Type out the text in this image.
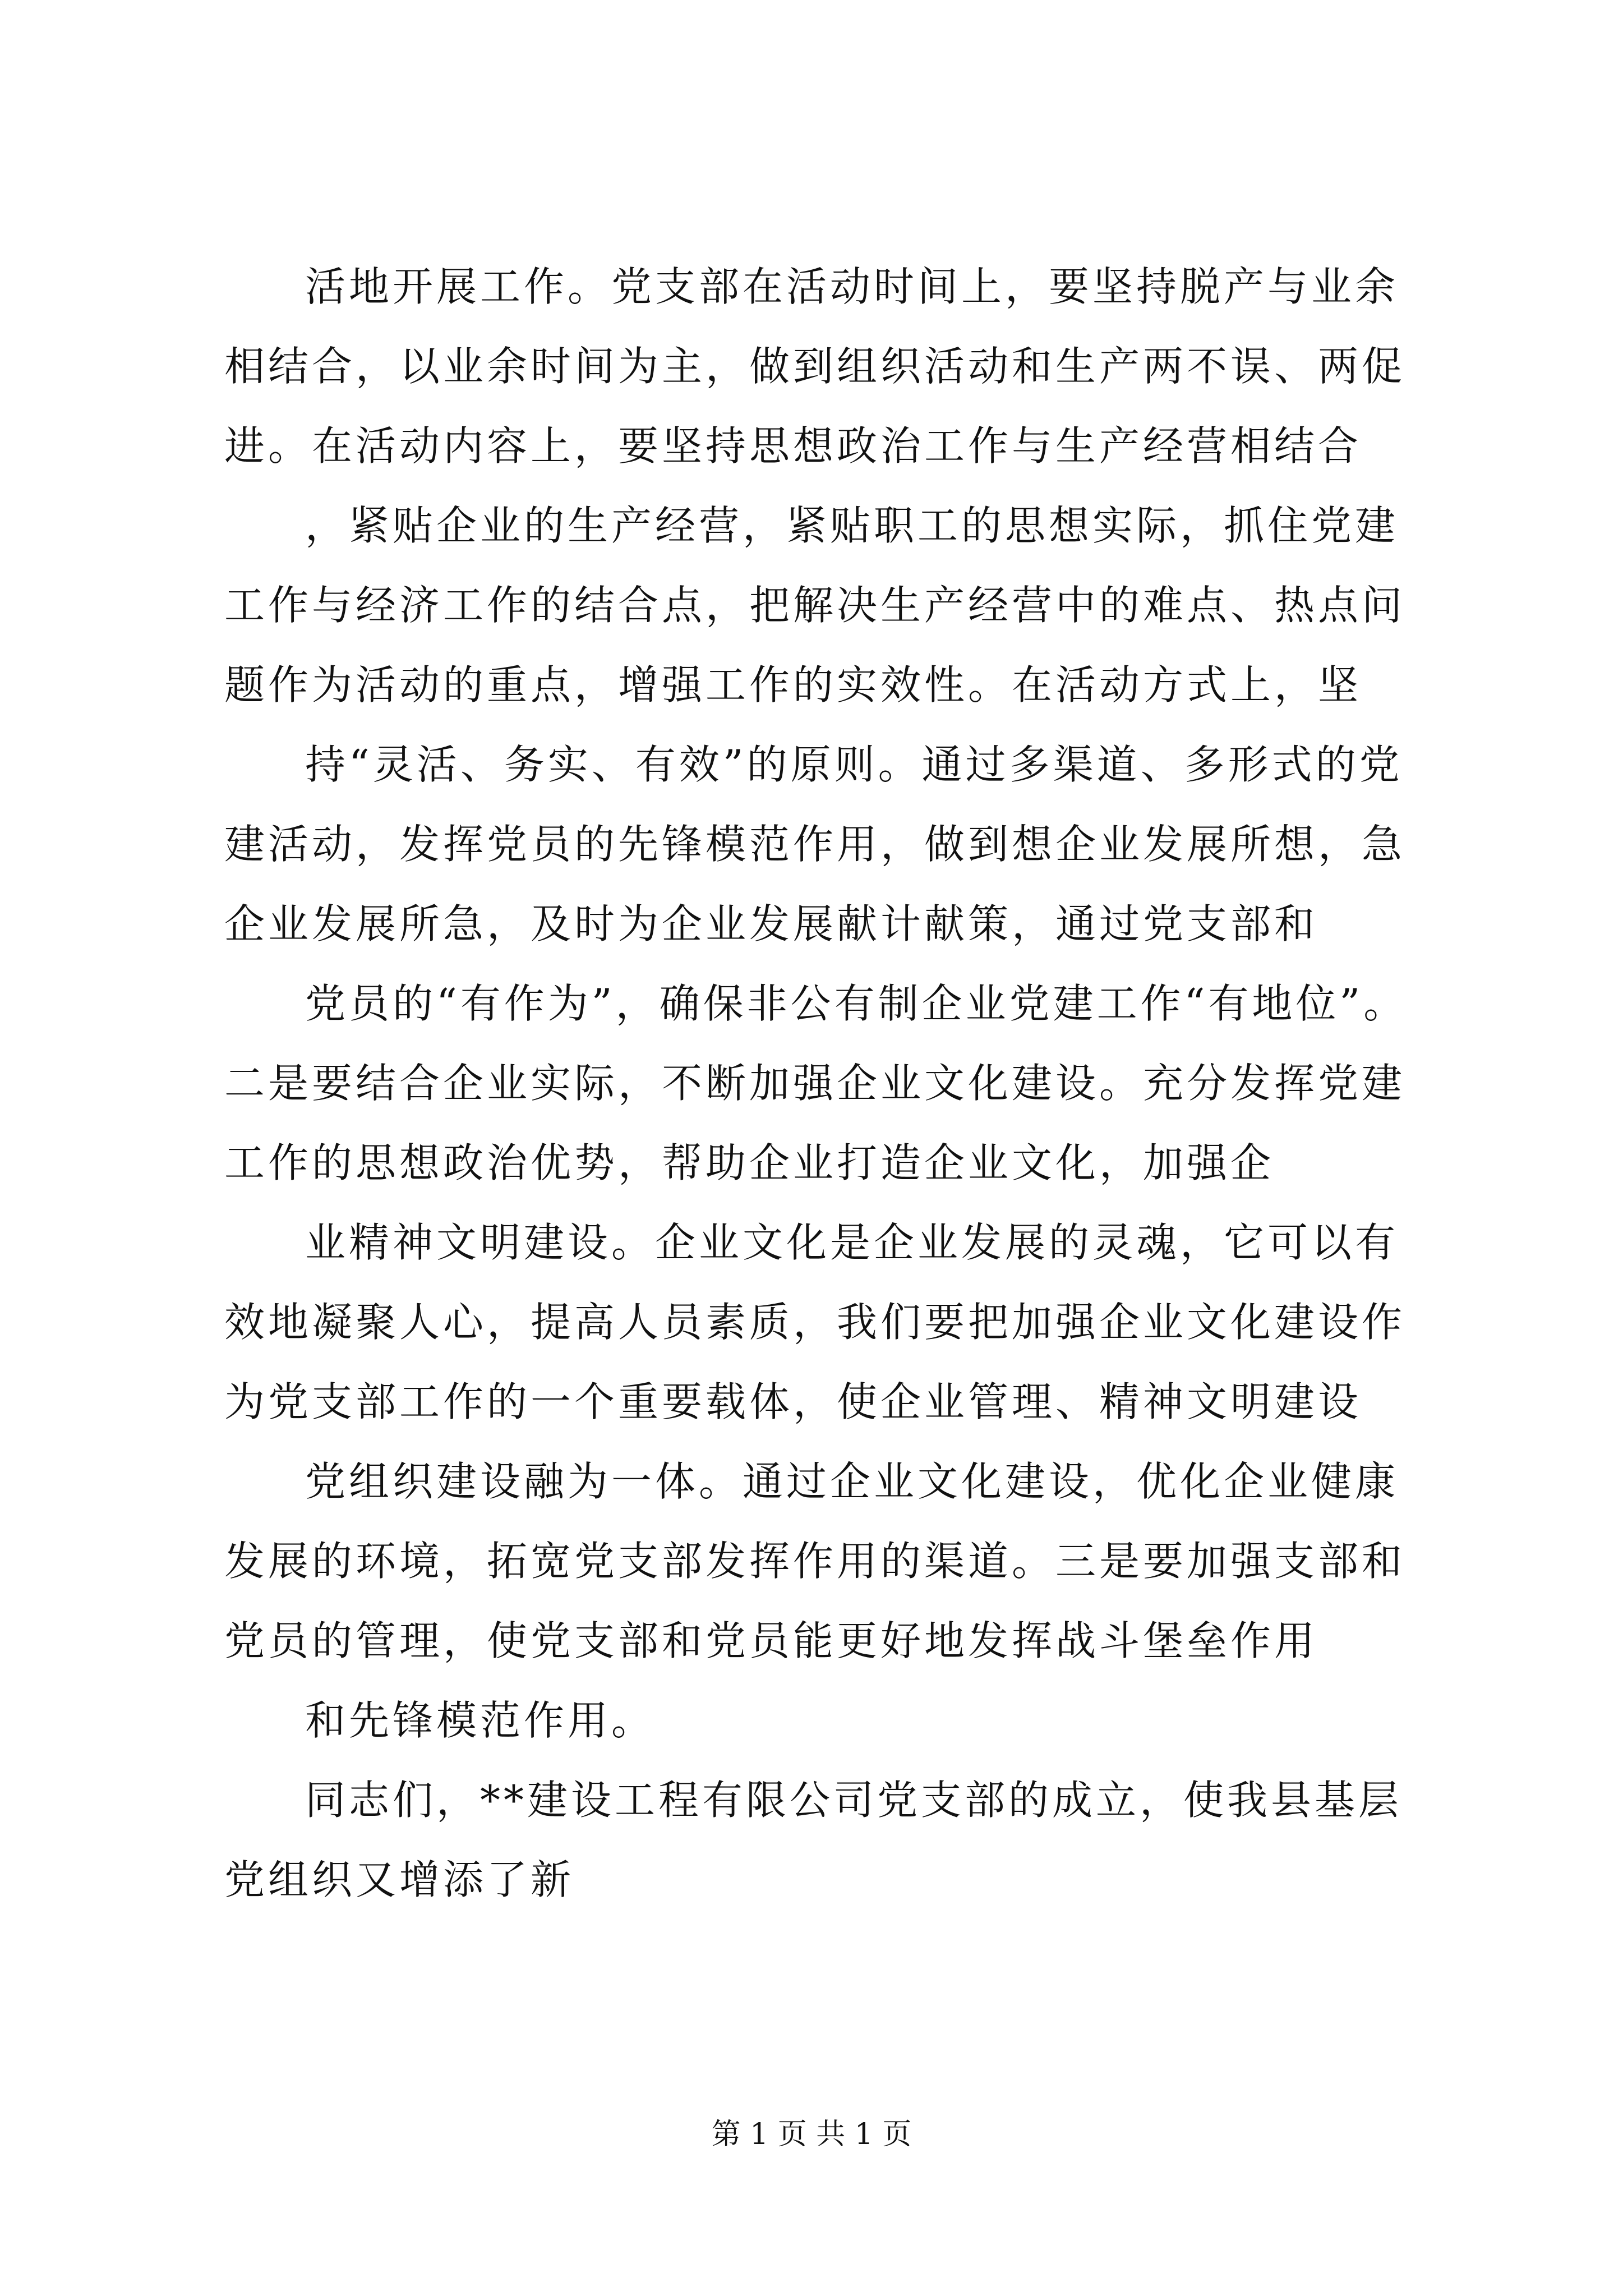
活地开展工作。党支部在活动时间上，要坚持脱产与业余相结合，以业余时间为主，做到组织活动和生产两不误、两促进。在活动内容上，要坚持思想政治工作与生产经营相结合

，紧贴企业的生产经营，紧贴职工的思想实际，抓住党建工作与经济工作的结合点，把解决生产经营中的难点、热点问题作为活动的重点，增强工作的实效性。在活动方式上，坚

持“灵活、务实、有效”的原则。通过多渠道、多形式的党建活动，发挥党员的先锋模范作用，做到想企业发展所想，急企业发展所急，及时为企业发展献计献策，通过党支部和

党员的“有作为”，确保非公有制企业党建工作“有地位”。二是要结合企业实际，不断加强企业文化建设。充分发挥党建工作的思想政治优势，帮助企业打造企业文化，加强企

业精神文明建设。企业文化是企业发展的灵魂，它可以有效地凝聚人心，提高人员素质，我们要把加强企业文化建设作为党支部工作的一个重要载体，使企业管理、精神文明建设

党组织建设融为一体。通过企业文化建设，优化企业健康发展的环境，拓宽党支部发挥作用的渠道。三是要加强支部和党员的管理，使党支部和党员能更好地发挥战斗堡垒作用

和先锋模范作用。

同志们，**建设工程有限公司党支部的成立，使我县基层党组织又增添了新

第 1 页 共 1 页
